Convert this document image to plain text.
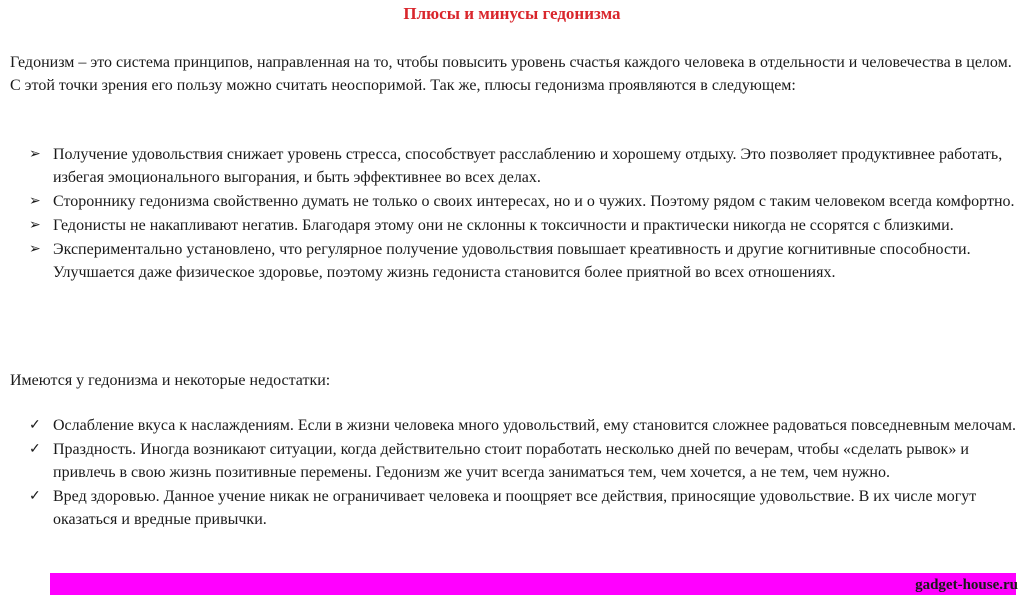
Плюсы и минусы гедонизма

Гедонизм – это система принципов, направленная на то, чтобы повысить уровень счастья каждого человека в отдельности и человечества в целом. С этой точки зрения его пользу можно считать неоспоримой. Так же, плюсы гедонизма проявляются в следующем:

➢ Получение удовольствия снижает уровень стресса, способствует расслаблению и хорошему отдыху. Это позволяет продуктивнее работать, избегая эмоционального выгорания, и быть эффективнее во всех делах.
➢ Стороннику гедонизма свойственно думать не только о своих интересах, но и о чужих. Поэтому рядом с таким человеком всегда комфортно.
➢ Гедонисты не накапливают негатив. Благодаря этому они не склонны к токсичности и практически никогда не ссорятся с близкими.
➢ Экспериментально установлено, что регулярное получение удовольствия повышает креативность и другие когнитивные способности. Улучшается даже физическое здоровье, поэтому жизнь гедониста становится более приятной во всех отношениях.

Имеются у гедонизма и некоторые недостатки:

✓ Ослабление вкуса к наслаждениям. Если в жизни человека много удовольствий, ему становится сложнее радоваться повседневным мелочам.
✓ Праздность. Иногда возникают ситуации, когда действительно стоит поработать несколько дней по вечерам, чтобы «сделать рывок» и привлечь в свою жизнь позитивные перемены. Гедонизм же учит всегда заниматься тем, чем хочется, а не тем, чем нужно.
✓ Вред здоровью. Данное учение никак не ограничивает человека и поощряет все действия, приносящие удовольствие. В их числе могут оказаться и вредные привычки.
gadget-house.ru
